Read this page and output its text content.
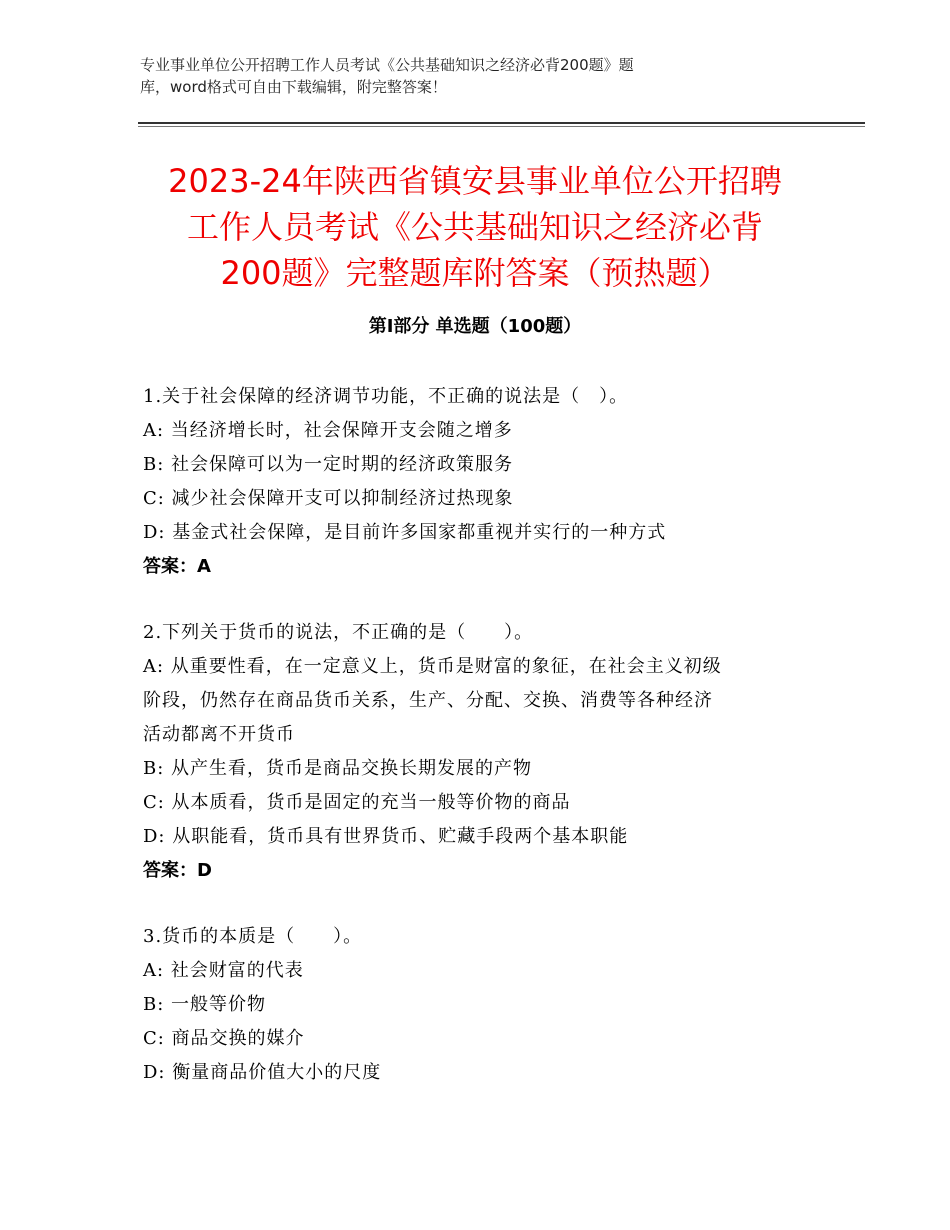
专业事业单位公开招聘工作人员考试《公共基础知识之经济必背200题》题
库，word格式可自由下载编辑，附完整答案！
2023-24年陕西省镇安县事业单位公开招聘
工作人员考试《公共基础知识之经济必背
200题》完整题库附答案（预热题）
第Ⅰ部分 单选题（100题）
1.关于社会保障的经济调节功能，不正确的说法是（　）。
A: 当经济增长时，社会保障开支会随之增多
B: 社会保障可以为一定时期的经济政策服务
C: 减少社会保障开支可以抑制经济过热现象
D: 基金式社会保障，是目前许多国家都重视并实行的一种方式
答案：A
2.下列关于货币的说法，不正确的是（　　）。
A: 从重要性看，在一定意义上，货币是财富的象征，在社会主义初级
阶段，仍然存在商品货币关系，生产、分配、交换、消费等各种经济
活动都离不开货币
B: 从产生看，货币是商品交换长期发展的产物
C: 从本质看，货币是固定的充当一般等价物的商品
D: 从职能看，货币具有世界货币、贮藏手段两个基本职能
答案：D
3.货币的本质是（　　）。
A: 社会财富的代表
B: 一般等价物
C: 商品交换的媒介
D: 衡量商品价值大小的尺度
